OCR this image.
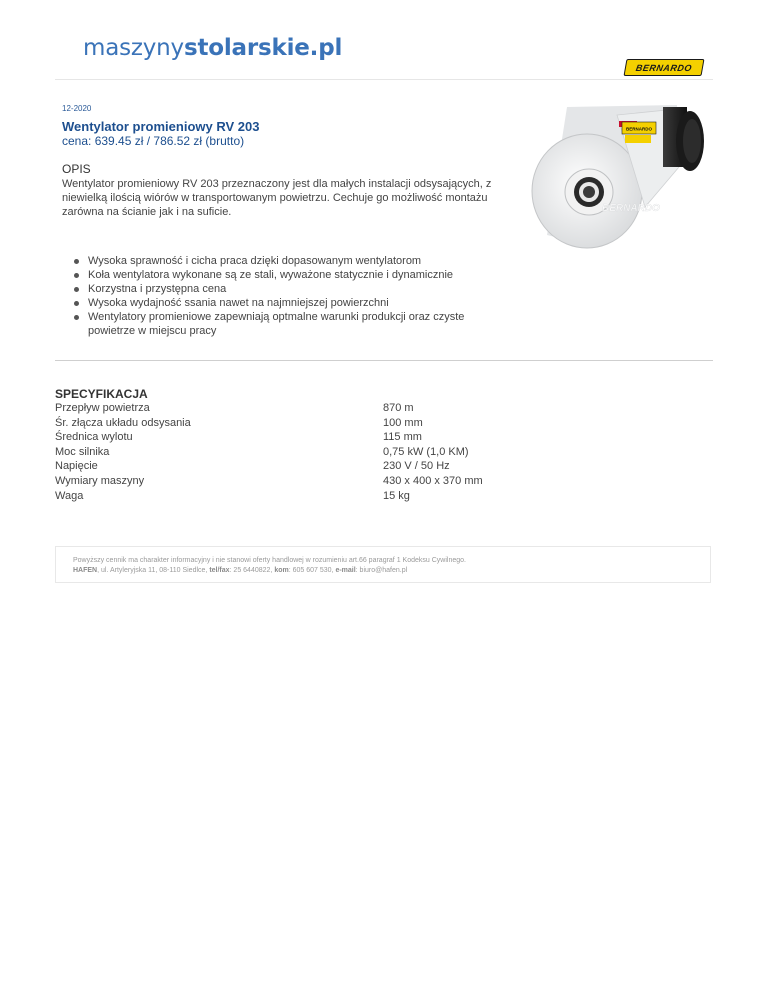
maszynystolarskie.pl
BERNARDO
12-2020
Wentylator promieniowy RV 203
cena: 639.45 zł / 786.52 zł (brutto)
OPIS
Wentylator promieniowy RV 203 przeznaczony jest dla małych instalacji odsysających, z niewielką ilością wiórów w transportowanym powietrzu. Cechuje go możliwość montażu zarówna na ścianie jak i na suficie.
BERNARDO
BERNARDO
Wysoka sprawność i cicha praca dzięki dopasowanym wentylatorom
Koła wentylatora wykonane są ze stali, wyważone statycznie i dynamicznie
Korzystna i przystępna cena
Wysoka wydajność ssania nawet na najmniejszej powierzchni
Wentylatory promieniowe zapewniają optmalne warunki produkcji oraz czyste powietrze w miejscu pracy
SPECYFIKACJA
Przepływ powietrza	870 m
Śr. złącza układu odsysania	100 mm
Średnica wylotu	115 mm
Moc silnika	0,75 kW (1,0 KM)
Napięcie	230 V / 50 Hz
Wymiary maszyny	430 x 400 x 370 mm
Waga	15 kg
Powyższy cennik ma charakter informacyjny i nie stanowi oferty handlowej w rozumieniu art.66 paragraf 1 Kodeksu Cywilnego.
HAFEN, ul. Artyleryjska 11, 08-110 Siedlce, tel/fax: 25 6440822, kom: 605 607 530, e-mail: biuro@hafen.pl
